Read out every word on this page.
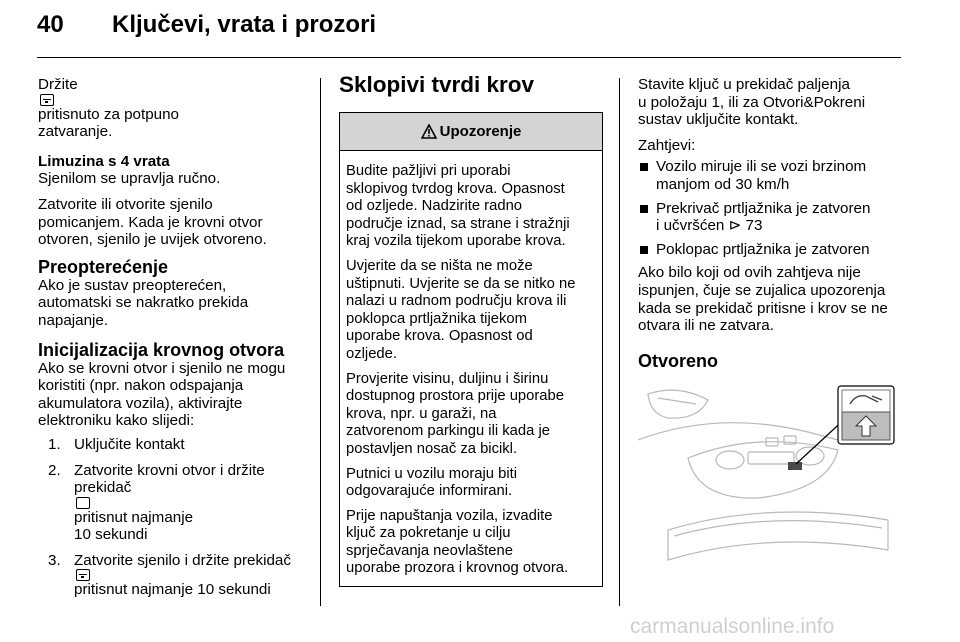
40 Ključevi, vrata i prozori

Držite
pritisnuto za potpuno
zatvaranje.

Limuzina s 4 vrata

Sjenilom se upravlja ručno.

Zatvorite ili otvorite sjenilo
pomicanjem. Kada je krovni otvor
otvoren, sjenilo je uvijek otvoreno.

Preopterećenje

Ako je sustav preopterećen,
automatski se nakratko prekida
napajanje.

Inicijalizacija krovnog otvora

Ako se krovni otvor i sjenilo ne mogu
koristiti (npr. nakon odspajanja
akumulatora vozila), aktivirajte
elektroniku kako slijedi:

1. Uključite kontakt
2. Zatvorite krovni otvor i držite
prekidač
pritisnut najmanje
10 sekundi
3. Zatvorite sjenilo i držite prekidač
pritisnut najmanje 10 sekundi
Sklopivi tvrdi krov
Upozorenje

Budite pažljivi pri uporabi
sklopivog tvrdog krova. Opasnost
od ozljede. Nadzirite radno
područje iznad, sa strane i stražnji
kraj vozila tijekom uporabe krova.

Uvjerite da se ništa ne može
uštipnuti. Uvjerite se da se nitko ne
nalazi u radnom području krova ili
poklopca prtljažnika tijekom
uporabe krova. Opasnost od
ozljede.

Provjerite visinu, duljinu i širinu
dostupnog prostora prije uporabe
krova, npr. u garaži, na
zatvorenom parkingu ili kada je
postavljen nosač za bicikl.

Putnici u vozilu moraju biti
odgovarajuće informirani.

Prije napuštanja vozila, izvadite
ključ za pokretanje u cilju
sprječavanja neovlaštene
uporabe prozora i krovnog otvora.

Stavite ključ u prekidač paljenja
u položaju 1, ili za Otvori&Pokreni
sustav uključite kontakt.

Zahtjevi:
Vozilo miruje ili se vozi brzinom
manjom od 30 km/h
Prekrivač prtljažnika je zatvoren
i učvršćen ⊳ 73
Poklopac prtljažnika je zatvoren

Ako bilo koji od ovih zahtjeva nije
ispunjen, čuje se zujalica upozorenja
kada se prekidač pritisne i krov se ne
otvara ili ne zatvara.

Otvoreno
carmanualsonline.info
